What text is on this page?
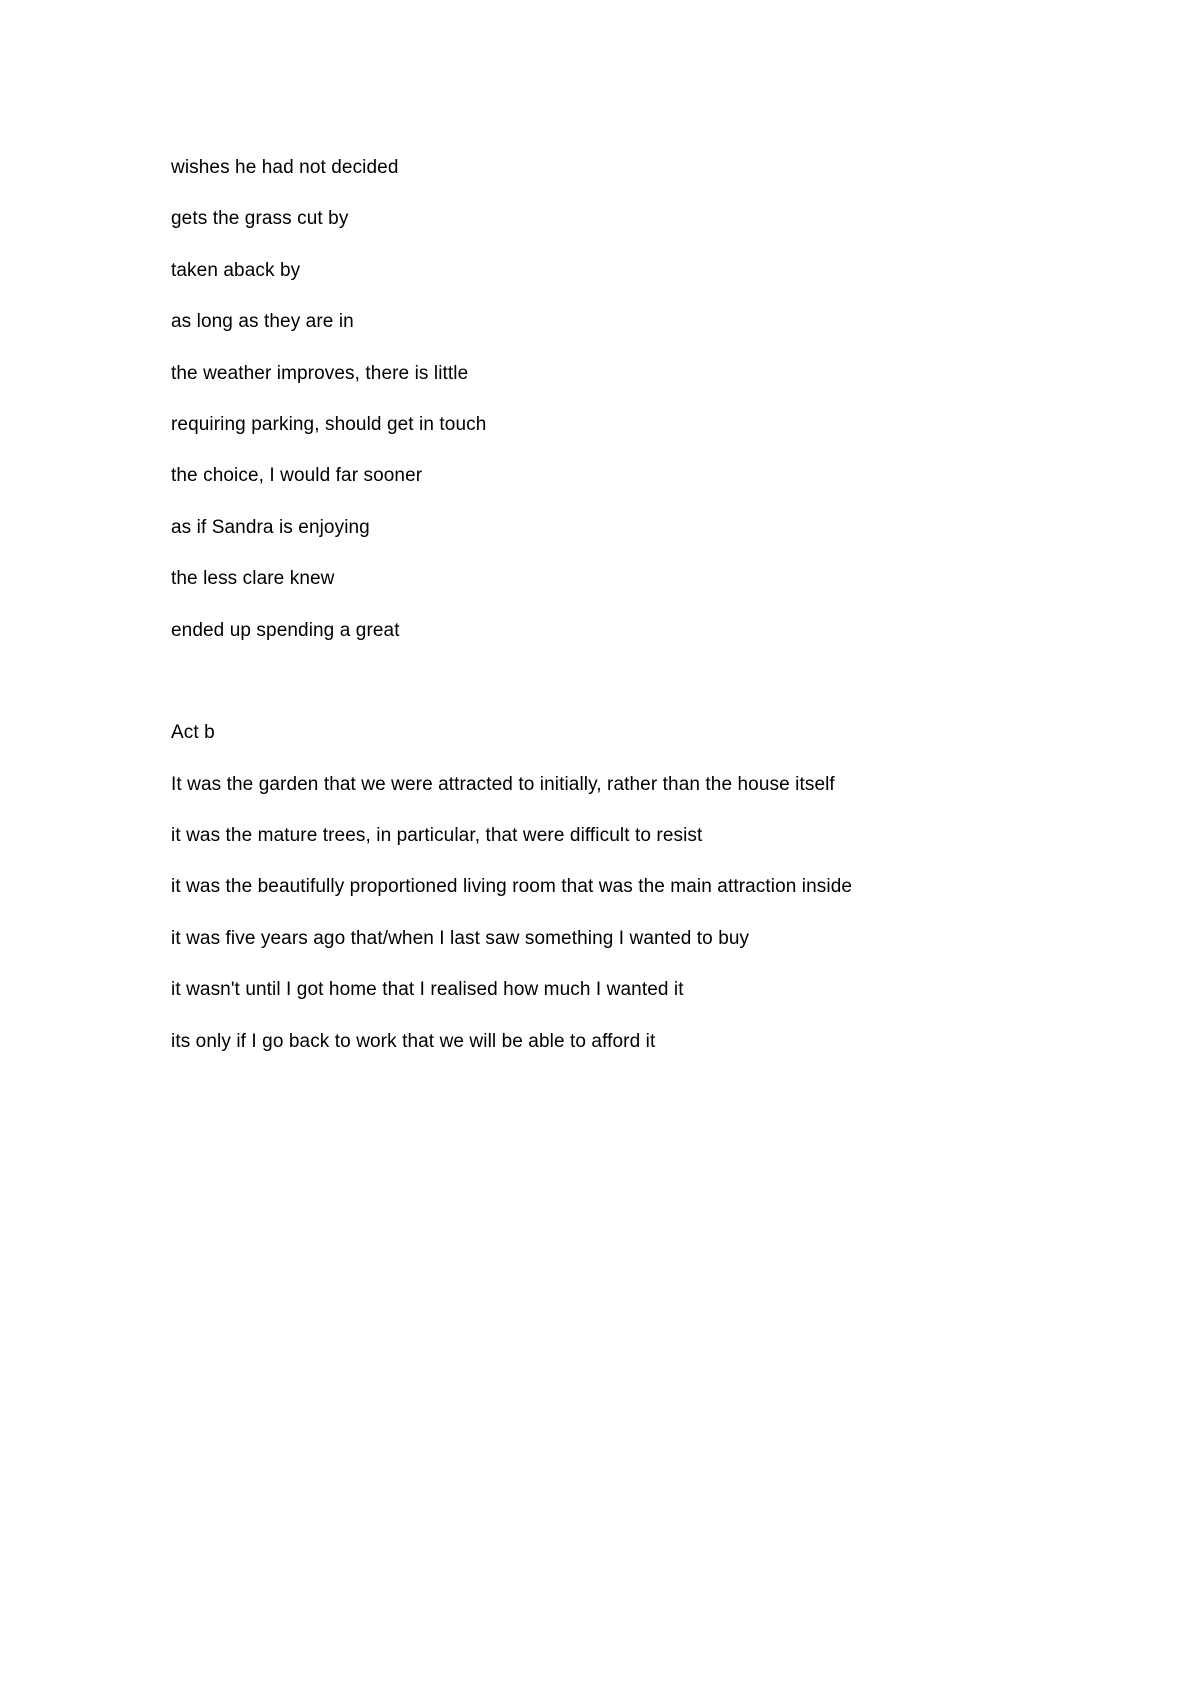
wishes he had not decided
gets the grass cut by
taken aback by
as long as they are in
the weather improves, there is little
requiring parking, should get in touch
the choice, I would far sooner
as if Sandra is enjoying
the less clare knew
ended up spending a great
Act b
It was the garden that we were attracted to initially, rather than the house itself
it was the mature trees, in particular, that were difficult to resist
it was the beautifully proportioned living room that was the main attraction inside
it was five years ago that/when I last saw something I wanted to buy
it wasn't until I got home that I realised how much I wanted it
its only if I go back to work that we will be able to afford it
